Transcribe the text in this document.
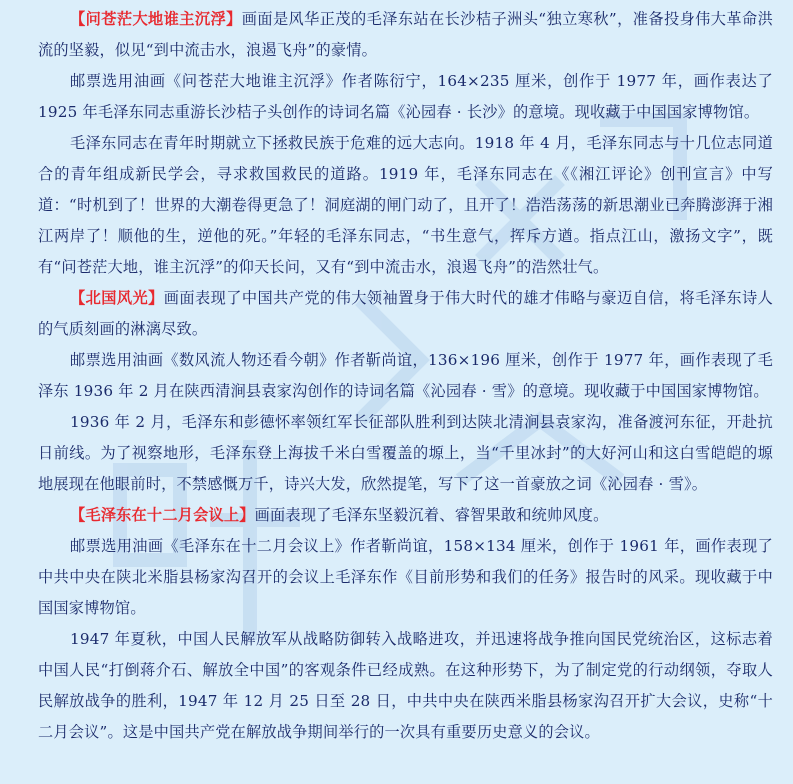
【问苍茫大地谁主沉浮】画面是风华正茂的毛泽东站在长沙桔子洲头“独立寒秋”，准备投身伟大革命洪流的坚毅，似见“到中流击水，浪遏飞舟”的豪情。

邮票选用油画《问苍茫大地谁主沉浮》作者陈衍宁，164×235 厘米，创作于 1977 年，画作表达了 1925 年毛泽东同志重游长沙桔子头创作的诗词名篇《沁园春 · 长沙》的意境。现收藏于中国国家博物馆。

毛泽东同志在青年时期就立下拯救民族于危难的远大志向。1918 年 4 月，毛泽东同志与十几位志同道合的青年组成新民学会，寻求救国救民的道路。1919 年，毛泽东同志在《《湘江评论》创刊宣言》中写道：“时机到了！世界的大潮卷得更急了！洞庭湖的闸门动了，且开了！浩浩荡荡的新思潮业已奔腾澎湃于湘江两岸了！顺他的生，逆他的死。”年轻的毛泽东同志，“书生意气，挥斥方遒。指点江山，激扬文字”，既有“问苍茫大地，谁主沉浮”的仰天长问，又有“到中流击水，浪遏飞舟”的浩然壮气。

【北国风光】画面表现了中国共产党的伟大领袖置身于伟大时代的雄才伟略与豪迈自信，将毛泽东诗人的气质刻画的淋漓尽致。

邮票选用油画《数风流人物还看今朝》作者靳尚谊，136×196 厘米，创作于 1977 年，画作表现了毛泽东 1936 年 2 月在陕西清涧县袁家沟创作的诗词名篇《沁园春 · 雪》的意境。现收藏于中国国家博物馆。

1936 年 2 月，毛泽东和彭德怀率领红军长征部队胜利到达陕北清涧县袁家沟，准备渡河东征，开赴抗日前线。为了视察地形，毛泽东登上海拔千米白雪覆盖的塬上，当“千里冰封”的大好河山和这白雪皑皑的塬地展现在他眼前时，不禁感慨万千，诗兴大发，欣然提笔，写下了这一首豪放之词《沁园春 · 雪》。

【毛泽东在十二月会议上】画面表现了毛泽东坚毅沉着、睿智果敢和统帅风度。

邮票选用油画《毛泽东在十二月会议上》作者靳尚谊，158×134 厘米，创作于 1961 年，画作表现了中共中央在陕北米脂县杨家沟召开的会议上毛泽东作《目前形势和我们的任务》报告时的风采。现收藏于中国国家博物馆。

1947 年夏秋，中国人民解放军从战略防御转入战略进攻，并迅速将战争推向国民党统治区，这标志着中国人民“打倒蒋介石、解放全中国”的客观条件已经成熟。在这种形势下，为了制定党的行动纲领，夺取人民解放战争的胜利，1947 年 12 月 25 日至 28 日，中共中央在陕西米脂县杨家沟召开扩大会议，史称“十二月会议”。这是中国共产党在解放战争期间举行的一次具有重要历史意义的会议。
